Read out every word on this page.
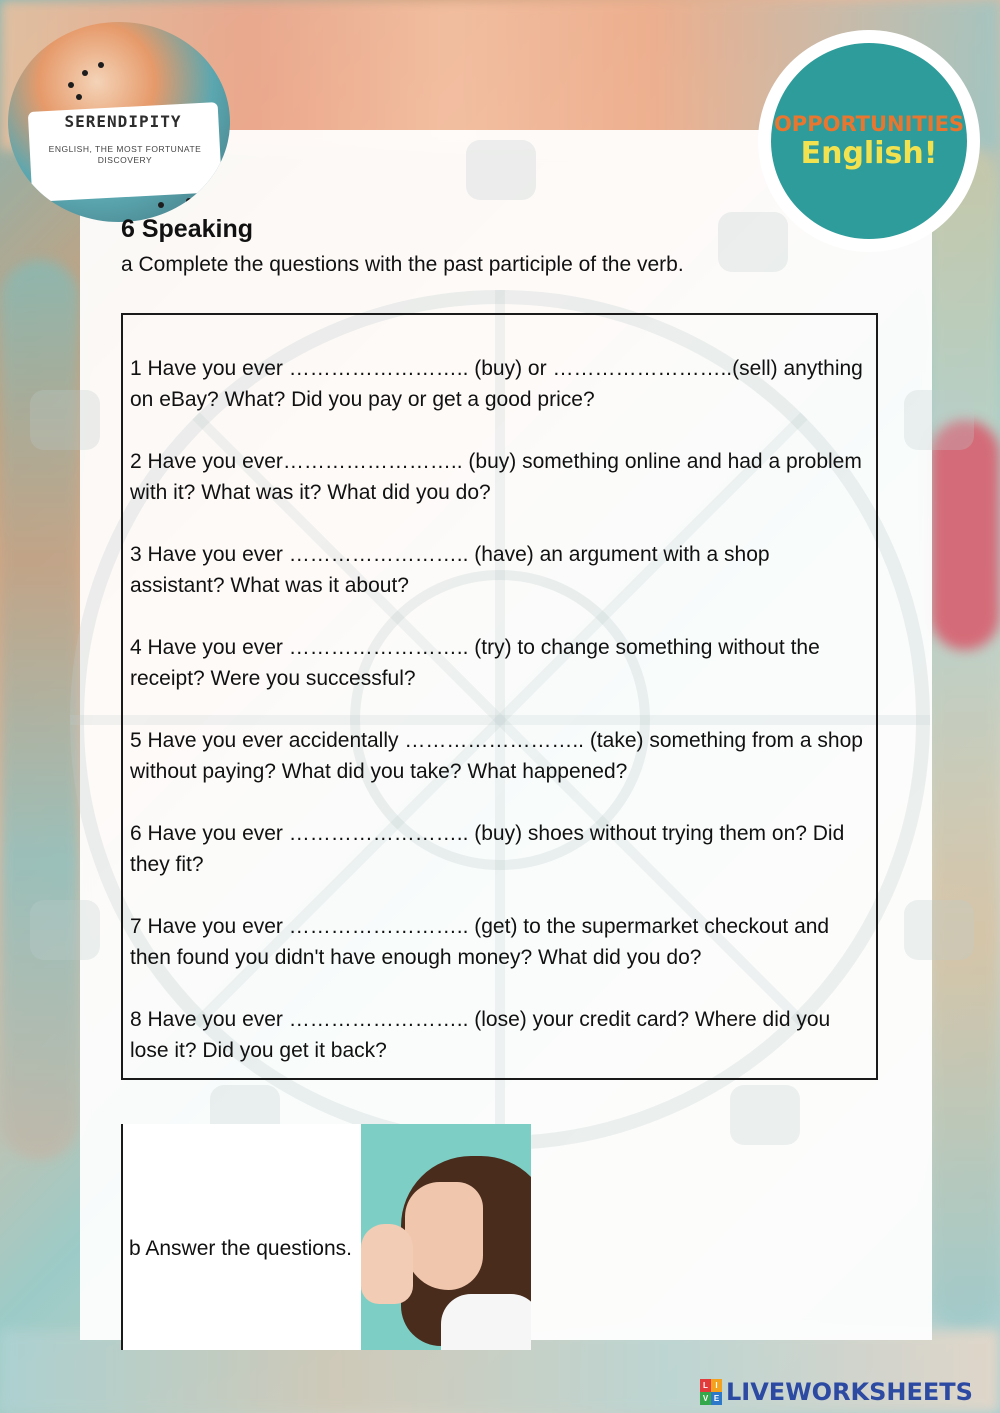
SERENDIPITY
ENGLISH, THE MOST FORTUNATE DISCOVERY
OPPORTUNITIES
English!
6 Speaking
a Complete the questions with the past participle of the verb.

1 Have you ever …………………….. (buy) or ……………………..(sell) anything on eBay? What? Did you pay or get a good price?

2 Have you ever…………………….. (buy) something online and had a problem with it? What was it? What did you do?

3 Have you ever …………………….. (have) an argument with a shop assistant? What was it about?

4 Have you ever …………………….. (try) to change something without the receipt? Were you successful?

5 Have you ever accidentally …………………….. (take) something from a shop without paying? What did you take? What happened?

6 Have you ever …………………….. (buy) shoes without trying them on? Did they fit?

7 Have you ever …………………….. (get) to the supermarket checkout and then found you didn't have enough money? What did you do?

8 Have you ever …………………….. (lose) your credit card? Where did you lose it? Did you get it back?

b Answer the questions.
L I
V E LIVEWORKSHEETS
